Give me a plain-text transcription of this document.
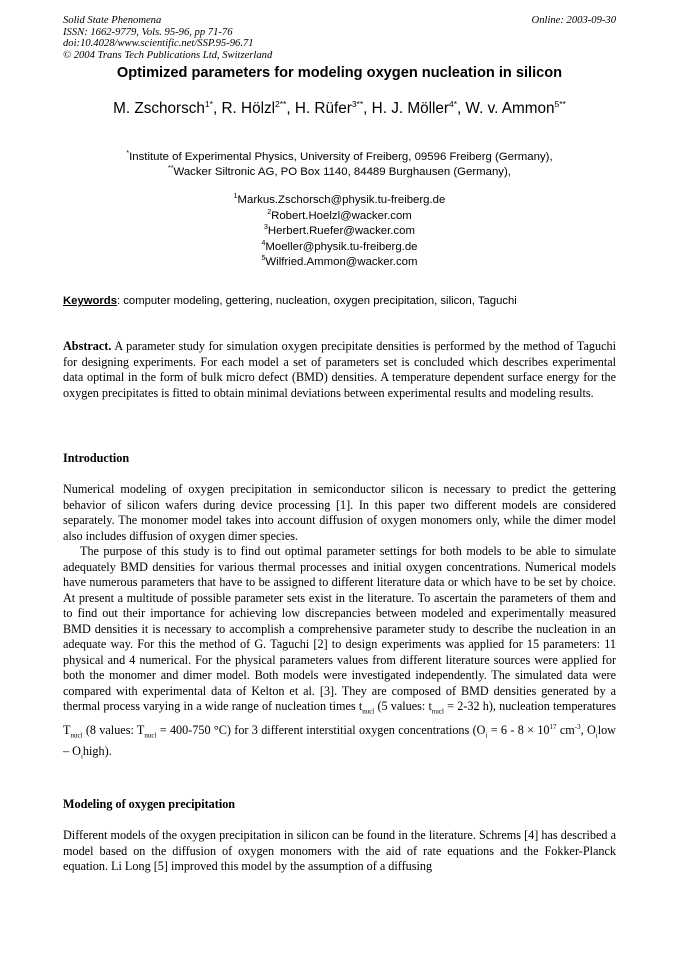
Solid State Phenomena
ISSN: 1662-9779, Vols. 95-96, pp 71-76
doi:10.4028/www.scientific.net/SSP.95-96.71
© 2004 Trans Tech Publications Ltd, Switzerland
Online: 2003-09-30
Optimized parameters for modeling oxygen nucleation in silicon
M. Zschorsch$^{1*}$, R. Hölzl$^{2**}$, H. Rüfer$^{3**}$, H. J. Möller$^{4*}$, W. v. Ammon$^{5**}$
*Institute of Experimental Physics, University of Freiberg, 09596 Freiberg (Germany),
**Wacker Siltronic AG, PO Box 1140, 84489 Burghausen (Germany),
$^1$Markus.Zschorsch@physik.tu-freiberg.de
$^2$Robert.Hoelzl@wacker.com
$^3$Herbert.Ruefer@wacker.com
$^4$Moeller@physik.tu-freiberg.de
$^5$Wilfried.Ammon@wacker.com
Keywords: computer modeling, gettering, nucleation, oxygen precipitation, silicon, Taguchi
Abstract. A parameter study for simulation oxygen precipitate densities is performed by the method of Taguchi for designing experiments. For each model a set of parameters set is concluded which describes experimental data optimal in the form of bulk micro defect (BMD) densities. A temperature dependent surface energy for the oxygen precipitates is fitted to obtain minimal deviations between experimental results and modeling results.
Introduction

Numerical modeling of oxygen precipitation in semiconductor silicon is necessary to predict the gettering behavior of silicon wafers during device processing [1]. In this paper two different models are considered separately. The monomer model takes into account diffusion of oxygen monomers only, while the dimer model also includes diffusion of oxygen dimer species.

The purpose of this study is to find out optimal parameter settings for both models to be able to simulate adequately BMD densities for various thermal processes and initial oxygen concentrations. Numerical models have numerous parameters that have to be assigned to different literature data or which have to be set by choice. At present a multitude of possible parameter sets exist in the literature. To ascertain the parameters of them and to find out their importance for achieving low discrepancies between modeled and experimentally measured BMD densities it is necessary to accomplish a comprehensive parameter study to describe the nucleation in an adequate way. For this the method of G. Taguchi [2] to design experiments was applied for 15 parameters: 11 physical and 4 numerical. For the physical parameters values from different literature sources were applied for both the monomer and dimer model. Both models were investigated independently. The simulated data were compared with experimental data of Kelton et al. [3]. They are composed of BMD densities generated by a thermal process varying in a wide range of nucleation times $t_{nucl}$ (5 values: $t_{nucl} = 2-32$ h), nucleation temperatures $T_{nucl}$ (8 values: $T_{nucl} = 400-750$ °C) for 3 different interstitial oxygen concentrations ($O_i = 6 - 8 \times 10^{17}$ $cm^{-3}$, $O_ilow$ – $O_ihigh$).

Modeling of oxygen precipitation

Different models of the oxygen precipitation in silicon can be found in the literature. Schrems [4] has described a model based on the diffusion of oxygen monomers with the aid of rate equations and the Fokker-Planck equation. Li Long [5] improved this model by the assumption of a diffusing
